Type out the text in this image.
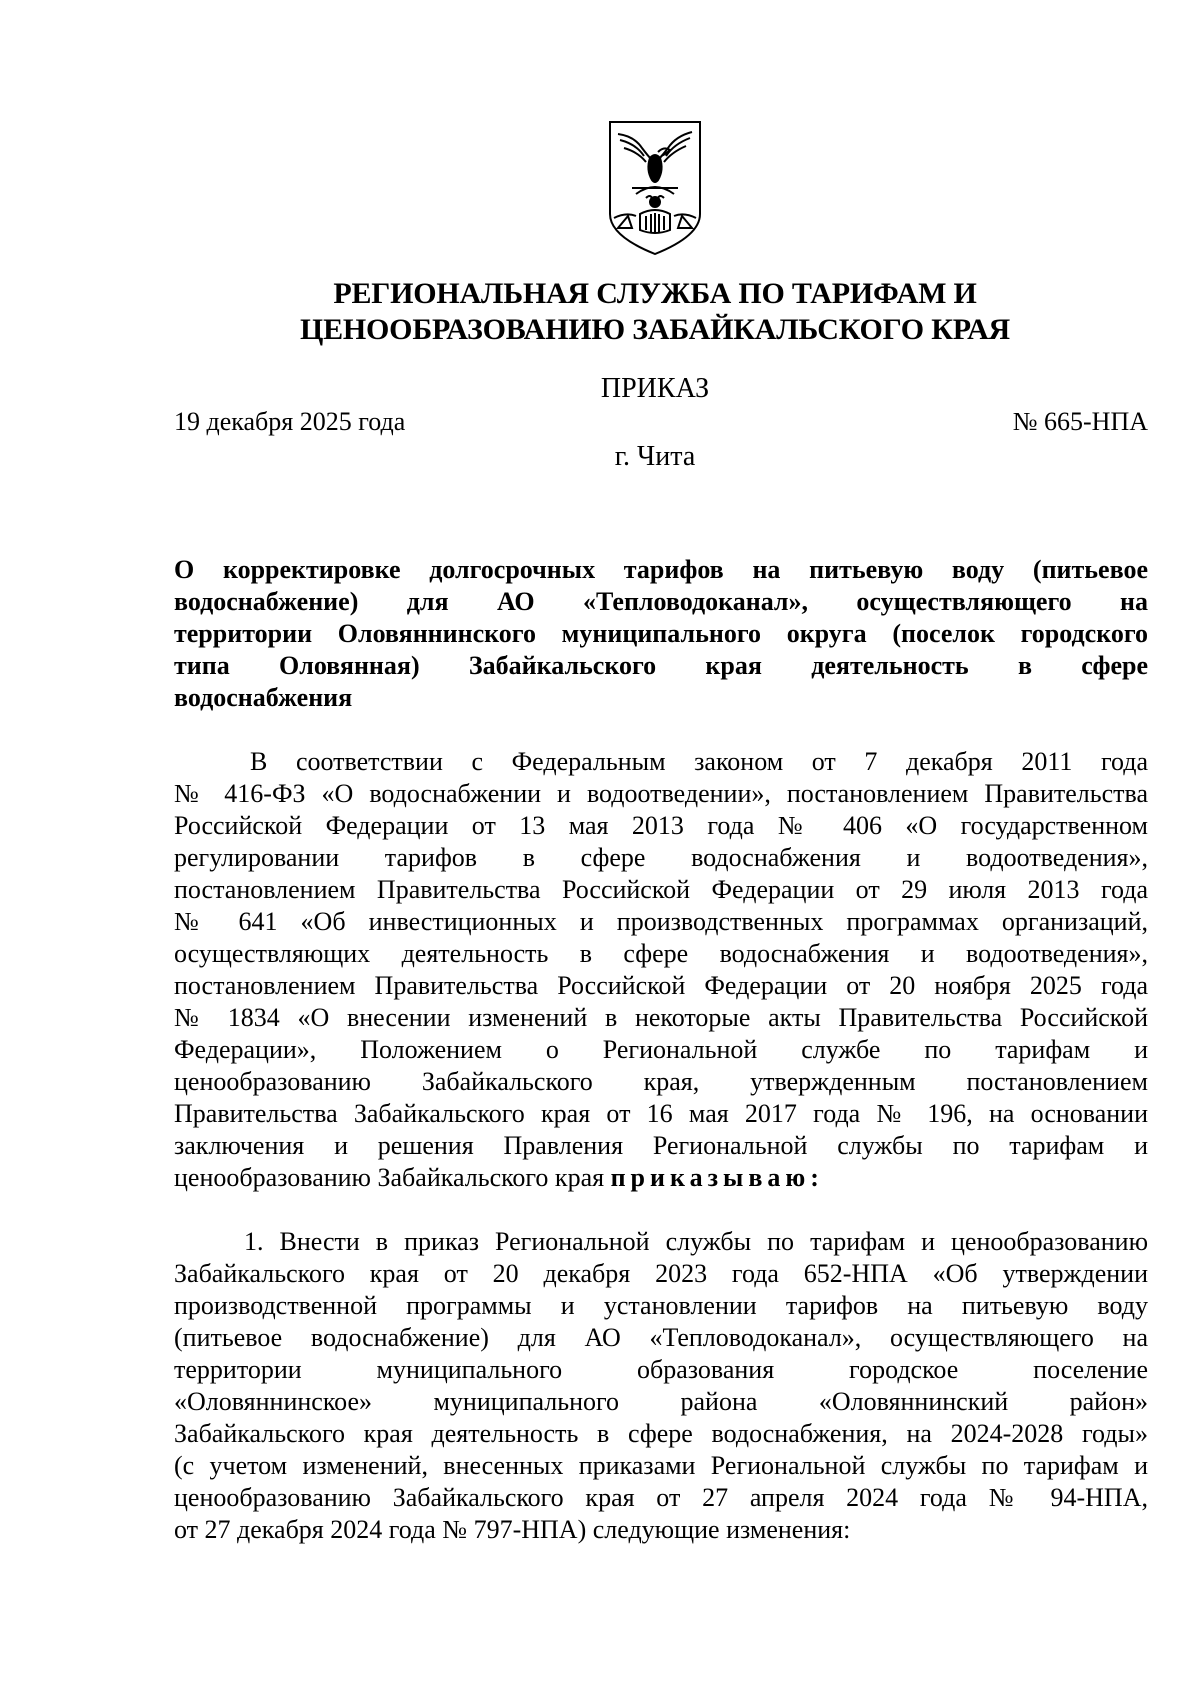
РЕГИОНАЛЬНАЯ СЛУЖБА ПО ТАРИФАМ И
ЦЕНООБРАЗОВАНИЮ ЗАБАЙКАЛЬСКОГО КРАЯ
ПРИКАЗ
19 декабря 2025 года	№ 665-НПА
г. Чита
О корректировке долгосрочных тарифов на питьевую воду (питьевое
водоснабжение) для АО «Тепловодоканал», осуществляющего на
территории Оловяннинского муниципального округа (поселок городского
типа Оловянная) Забайкальского края деятельность в сфере
водоснабжения
В соответствии с Федеральным законом от 7 декабря 2011 года
№ 416-ФЗ «О водоснабжении и водоотведении», постановлением Правительства
Российской Федерации от 13 мая 2013 года № 406 «О государственном
регулировании тарифов в сфере водоснабжения и водоотведения»,
постановлением Правительства Российской Федерации от 29 июля 2013 года
№ 641 «Об инвестиционных и производственных программах организаций,
осуществляющих деятельность в сфере водоснабжения и водоотведения»,
постановлением Правительства Российской Федерации от 20 ноября 2025 года
№ 1834 «О внесении изменений в некоторые акты Правительства Российской
Федерации», Положением о Региональной службе по тарифам и
ценообразованию Забайкальского края, утвержденным постановлением
Правительства Забайкальского края от 16 мая 2017 года № 196, на основании
заключения и решения Правления Региональной службы по тарифам и
ценообразованию Забайкальского края приказываю:
1. Внести в приказ Региональной службы по тарифам и ценообразованию
Забайкальского края от 20 декабря 2023 года 652-НПА «Об утверждении
производственной программы и установлении тарифов на питьевую воду
(питьевое водоснабжение) для АО «Тепловодоканал», осуществляющего на
территории муниципального образования городское поселение
«Оловяннинское» муниципального района «Оловяннинский район»
Забайкальского края деятельность в сфере водоснабжения, на 2024-2028 годы»
(с учетом изменений, внесенных приказами Региональной службы по тарифам и
ценообразованию Забайкальского края от 27 апреля 2024 года № 94-НПА,
от 27 декабря 2024 года № 797-НПА) следующие изменения:
